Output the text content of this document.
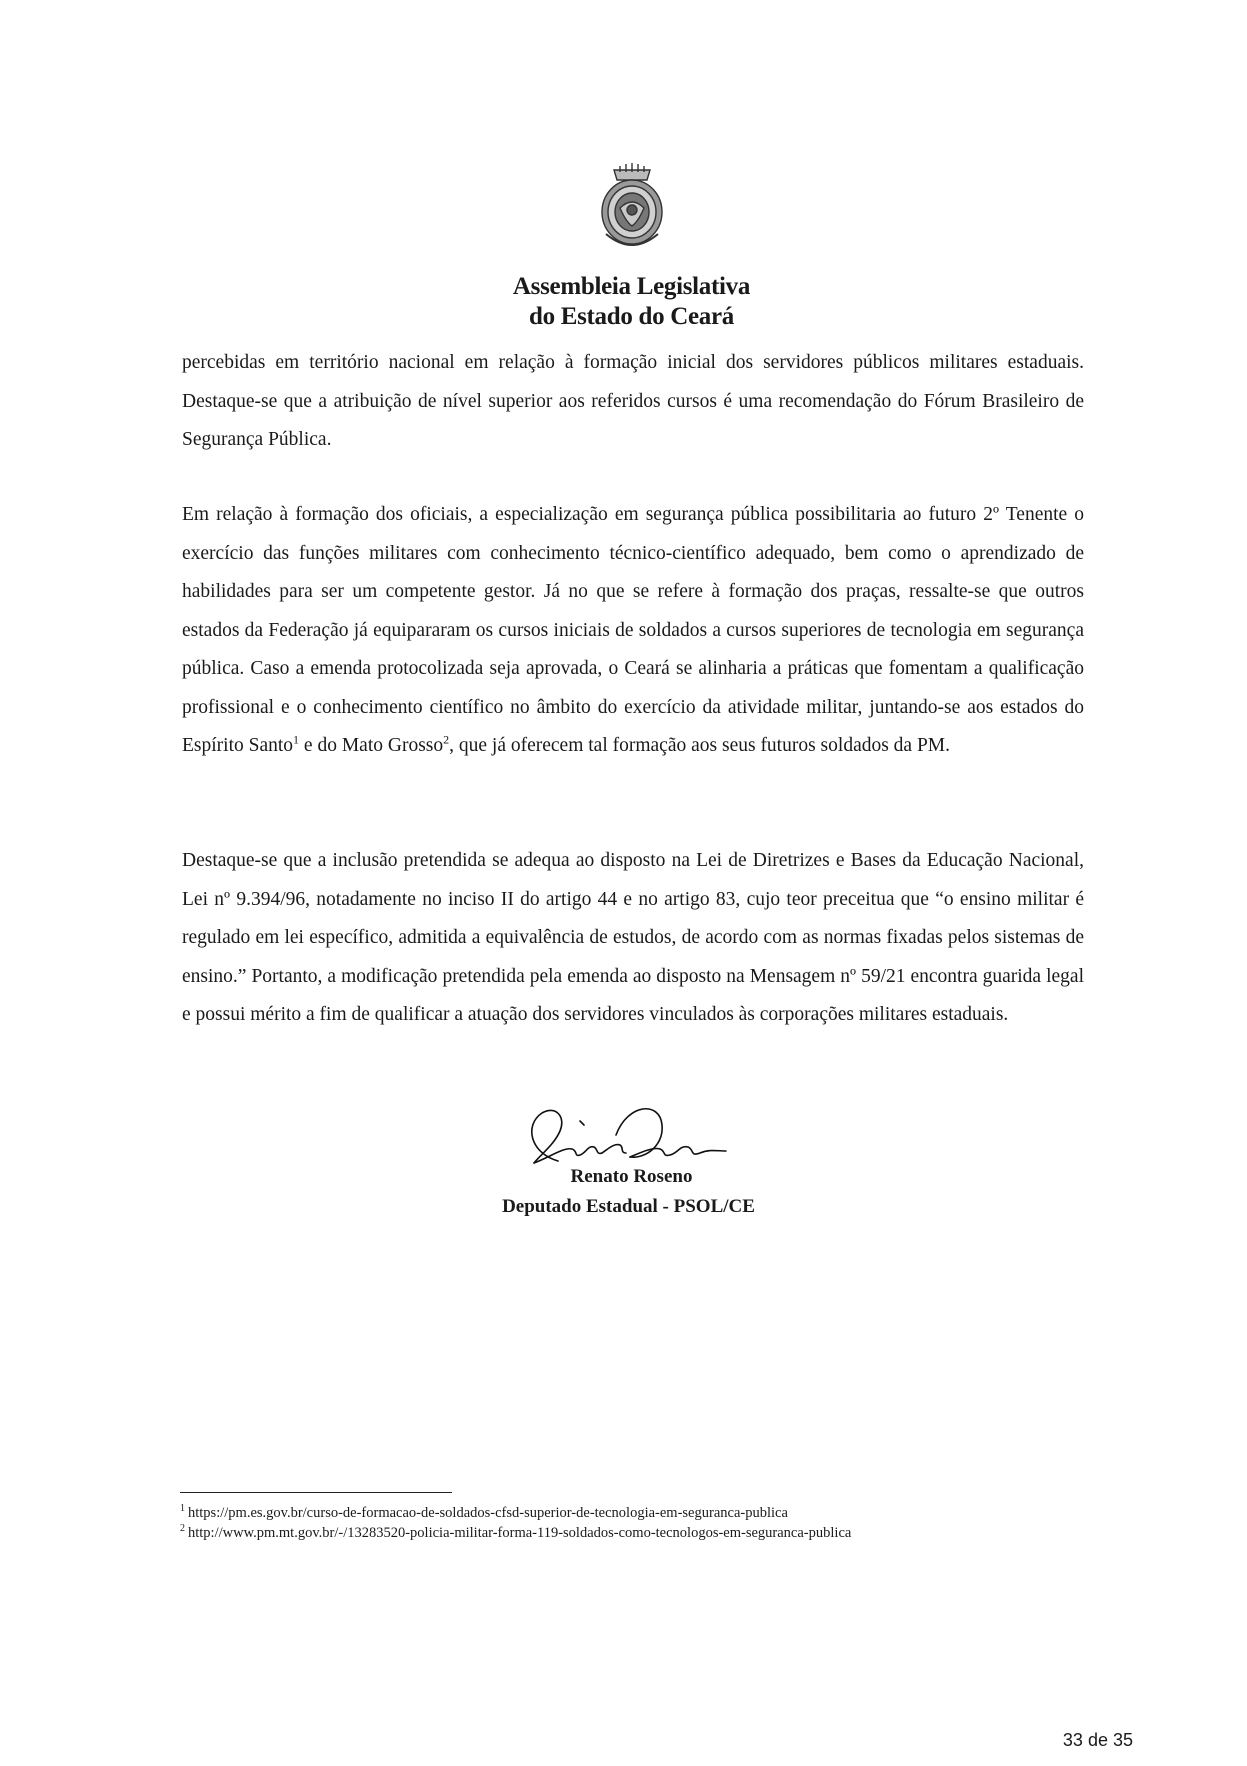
Assembleia Legislativa
do Estado do Ceará
percebidas em território nacional em relação à formação inicial dos servidores públicos militares estaduais. Destaque-se que a atribuição de nível superior aos referidos cursos é uma recomendação do Fórum Brasileiro de Segurança Pública.
Em relação à formação dos oficiais, a especialização em segurança pública possibilitaria ao futuro 2º Tenente o exercício das funções militares com conhecimento técnico-científico adequado, bem como o aprendizado de habilidades para ser um competente gestor. Já no que se refere à formação dos praças, ressalte-se que outros estados da Federação já equipararam os cursos iniciais de soldados a cursos superiores de tecnologia em segurança pública. Caso a emenda protocolizada seja aprovada, o Ceará se alinharia a práticas que fomentam a qualificação profissional e o conhecimento científico no âmbito do exercício da atividade militar, juntando-se aos estados do Espírito Santo$^1$ e do Mato Grosso$^2$, que já oferecem tal formação aos seus futuros soldados da PM.
Destaque-se que a inclusão pretendida se adequa ao disposto na Lei de Diretrizes e Bases da Educação Nacional, Lei nº 9.394/96, notadamente no inciso II do artigo 44 e no artigo 83, cujo teor preceitua que “o ensino militar é regulado em lei específico, admitida a equivalência de estudos, de acordo com as normas fixadas pelos sistemas de ensino.” Portanto, a modificação pretendida pela emenda ao disposto na Mensagem nº 59/21 encontra guarida legal e possui mérito a fim de qualificar a atuação dos servidores vinculados às corporações militares estaduais.
Renato Roseno
Deputado Estadual - PSOL/CE
$^1$ https://pm.es.gov.br/curso-de-formacao-de-soldados-cfsd-superior-de-tecnologia-em-seguranca-publica
$^2$ http://www.pm.mt.gov.br/-/13283520-policia-militar-forma-119-soldados-como-tecnologos-em-seguranca-publica
33 de 35
